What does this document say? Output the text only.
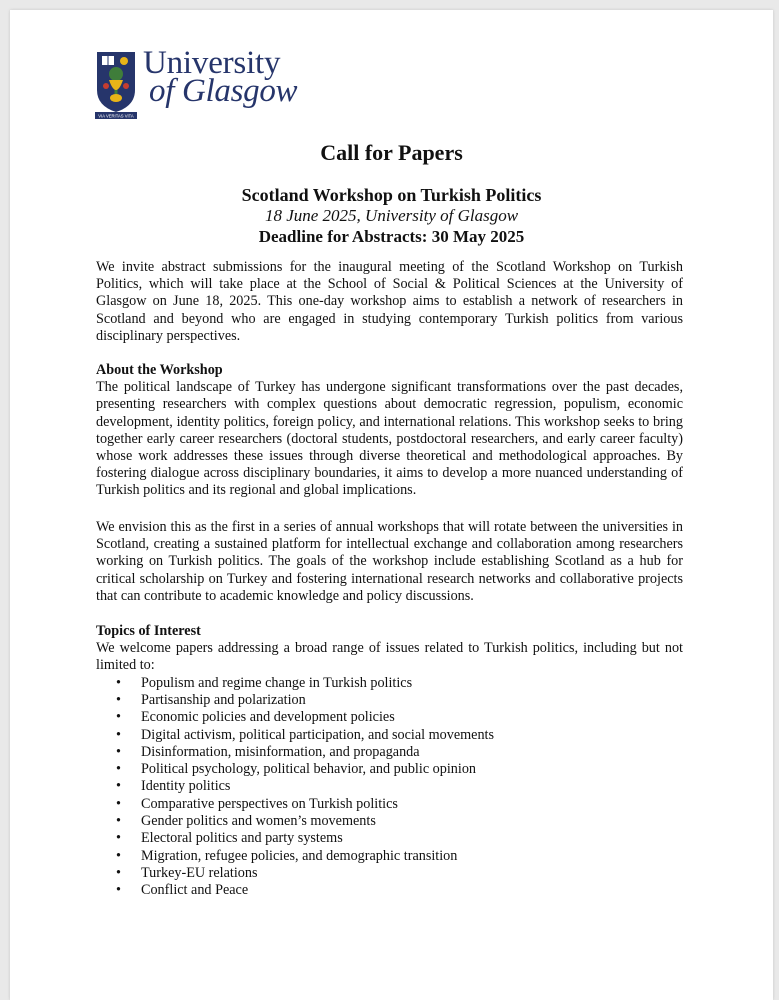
VIA VERITAS VITA
University
of Glasgow
Call for Papers
Scotland Workshop on Turkish Politics
18 June 2025, University of Glasgow
Deadline for Abstracts: 30 May 2025

We invite abstract submissions for the inaugural meeting of the Scotland Workshop on Turkish Politics, which will take place at the School of Social & Political Sciences at the University of Glasgow on June 18, 2025. This one-day workshop aims to establish a network of researchers in Scotland and beyond who are engaged in studying contemporary Turkish politics from various disciplinary perspectives.

About the Workshop

The political landscape of Turkey has undergone significant transformations over the past decades, presenting researchers with complex questions about democratic regression, populism, economic development, identity politics, foreign policy, and international relations. This workshop seeks to bring together early career researchers (doctoral students, postdoctoral researchers, and early career faculty) whose work addresses these issues through diverse theoretical and methodological approaches. By fostering dialogue across disciplinary boundaries, it aims to develop a more nuanced understanding of Turkish politics and its regional and global implications.

We envision this as the first in a series of annual workshops that will rotate between the universities in Scotland, creating a sustained platform for intellectual exchange and collaboration among researchers working on Turkish politics. The goals of the workshop include establishing Scotland as a hub for critical scholarship on Turkey and fostering international research networks and collaborative projects that can contribute to academic knowledge and policy discussions.

Topics of Interest

We welcome papers addressing a broad range of issues related to Turkish politics, including but not limited to:

• Populism and regime change in Turkish politics
• Partisanship and polarization
• Economic policies and development policies
• Digital activism, political participation, and social movements
• Disinformation, misinformation, and propaganda
• Political psychology, political behavior, and public opinion
• Identity politics
• Comparative perspectives on Turkish politics
• Gender politics and women’s movements
• Electoral politics and party systems
• Migration, refugee policies, and demographic transition
• Turkey-EU relations
• Conflict and Peace
